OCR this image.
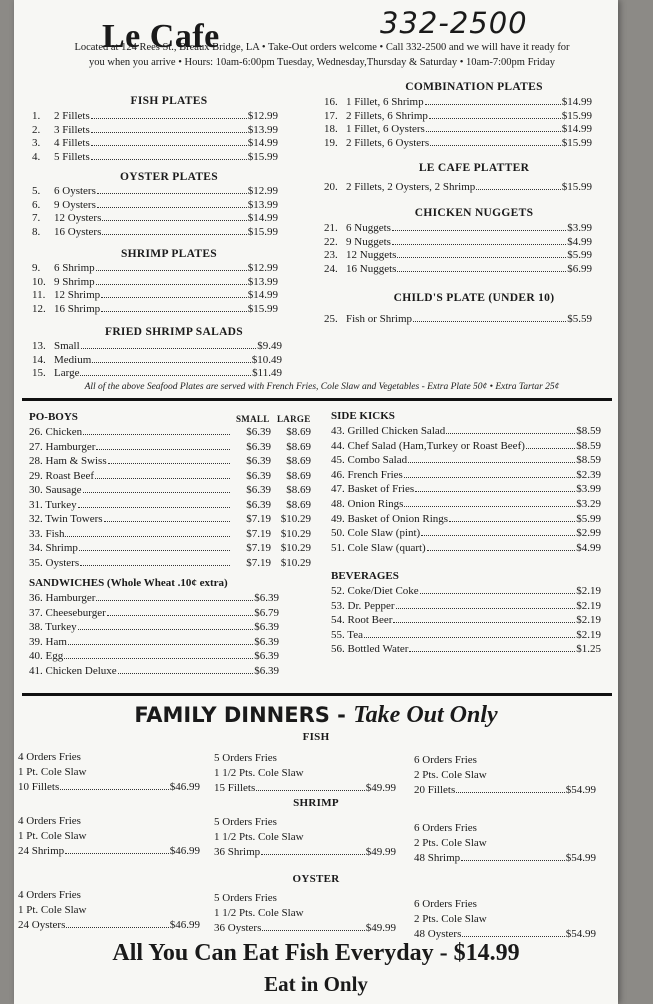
Le Cafe	332-2500
Located at 124 Rees St., Breaux Bridge, LA • Take-Out orders welcome • Call 332-2500 and we will have it ready for
you when you arrive • Hours: 10am-6:00pm Tuesday, Wednesday,Thursday & Saturday • 10am-7:00pm Friday
FISH PLATES
1.	2 Fillets	$12.99
2.	3 Fillets	$13.99
3.	4 Fillets	$14.99
4.	5 Fillets	$15.99
OYSTER PLATES
5.	6 Oysters	$12.99
6.	9 Oysters	$13.99
7.	12 Oysters	$14.99
8.	16 Oysters	$15.99
SHRIMP PLATES
9.	6 Shrimp	$12.99
10. 9 Shrimp	$13.99
11. 12 Shrimp	$14.99
12. 16 Shrimp	$15.99
FRIED SHRIMP SALADS
13. Small	$9.49
14. Medium	$10.49
15. Large	$11.49
COMBINATION PLATES
16. 1 Fillet, 6 Shrimp	$14.99
17. 2 Fillets, 6 Shrimp	$15.99
18. 1 Fillet, 6 Oysters	$14.99
19. 2 Fillets, 6 Oysters	$15.99
LE CAFE PLATTER
20. 2 Fillets, 2 Oysters, 2 Shrimp	$15.99
CHICKEN NUGGETS
21. 6 Nuggets	$3.99
22. 9 Nuggets	$4.99
23. 12 Nuggets	$5.99
24. 16 Nuggets	$6.99
CHILD'S PLATE (UNDER 10)
25. Fish or Shrimp	$5.59
All of the above Seafood Plates are served with French Fries, Cole Slaw and Vegetables - Extra Plate 50¢ • Extra Tartar 25¢
PO-BOYS	SMALL LARGE
26. Chicken	$6.39	$8.69
27. Hamburger	$6.39	$8.69
28. Ham & Swiss	$6.39	$8.69
29. Roast Beef	$6.39	$8.69
30. Sausage	$6.39	$8.69
31. Turkey	$6.39	$8.69
32. Twin Towers	$7.19 $10.29
33. Fish	$7.19 $10.29
34. Shrimp	$7.19 $10.29
35. Oysters	$7.19 $10.29
SANDWICHES (Whole Wheat .10¢ extra)
36. Hamburger	$6.39
37. Cheeseburger	$6.79
38. Turkey	$6.39
39. Ham	$6.39
40. Egg	$6.39
41. Chicken Deluxe	$6.39
SIDE KICKS
43. Grilled Chicken Salad	$8.59
44. Chef Salad (Ham,Turkey or Roast Beef)	$8.59
45. Combo Salad	$8.59
46. French Fries	$2.39
47. Basket of Fries	$3.99
48. Onion Rings	$3.29
49. Basket of Onion Rings	$5.99
50. Cole Slaw (pint)	$2.99
51. Cole Slaw (quart)	$4.99
BEVERAGES
52. Coke/Diet Coke	$2.19
53. Dr. Pepper	$2.19
54. Root Beer	$2.19
55. Tea	$2.19
56. Bottled Water	$1.25
FAMILY DINNERS - Take Out Only
FISH
4 Orders Fries
1 Pt. Cole Slaw
10 Fillets	$46.99
5 Orders Fries
1 1/2 Pts. Cole Slaw
15 Fillets	$49.99
6 Orders Fries
2 Pts. Cole Slaw
20 Fillets	$54.99
SHRIMP
4 Orders Fries
1 Pt. Cole Slaw
24 Shrimp	$46.99
5 Orders Fries
1 1/2 Pts. Cole Slaw
36 Shrimp	$49.99
6 Orders Fries
2 Pts. Cole Slaw
48 Shrimp	$54.99
OYSTER
4 Orders Fries
1 Pt. Cole Slaw
24 Oysters	$46.99
5 Orders Fries
1 1/2 Pts. Cole Slaw
36 Oysters	$49.99
6 Orders Fries
2 Pts. Cole Slaw
48 Oysters	$54.99
All You Can Eat Fish Everyday - $14.99
Eat in Only
